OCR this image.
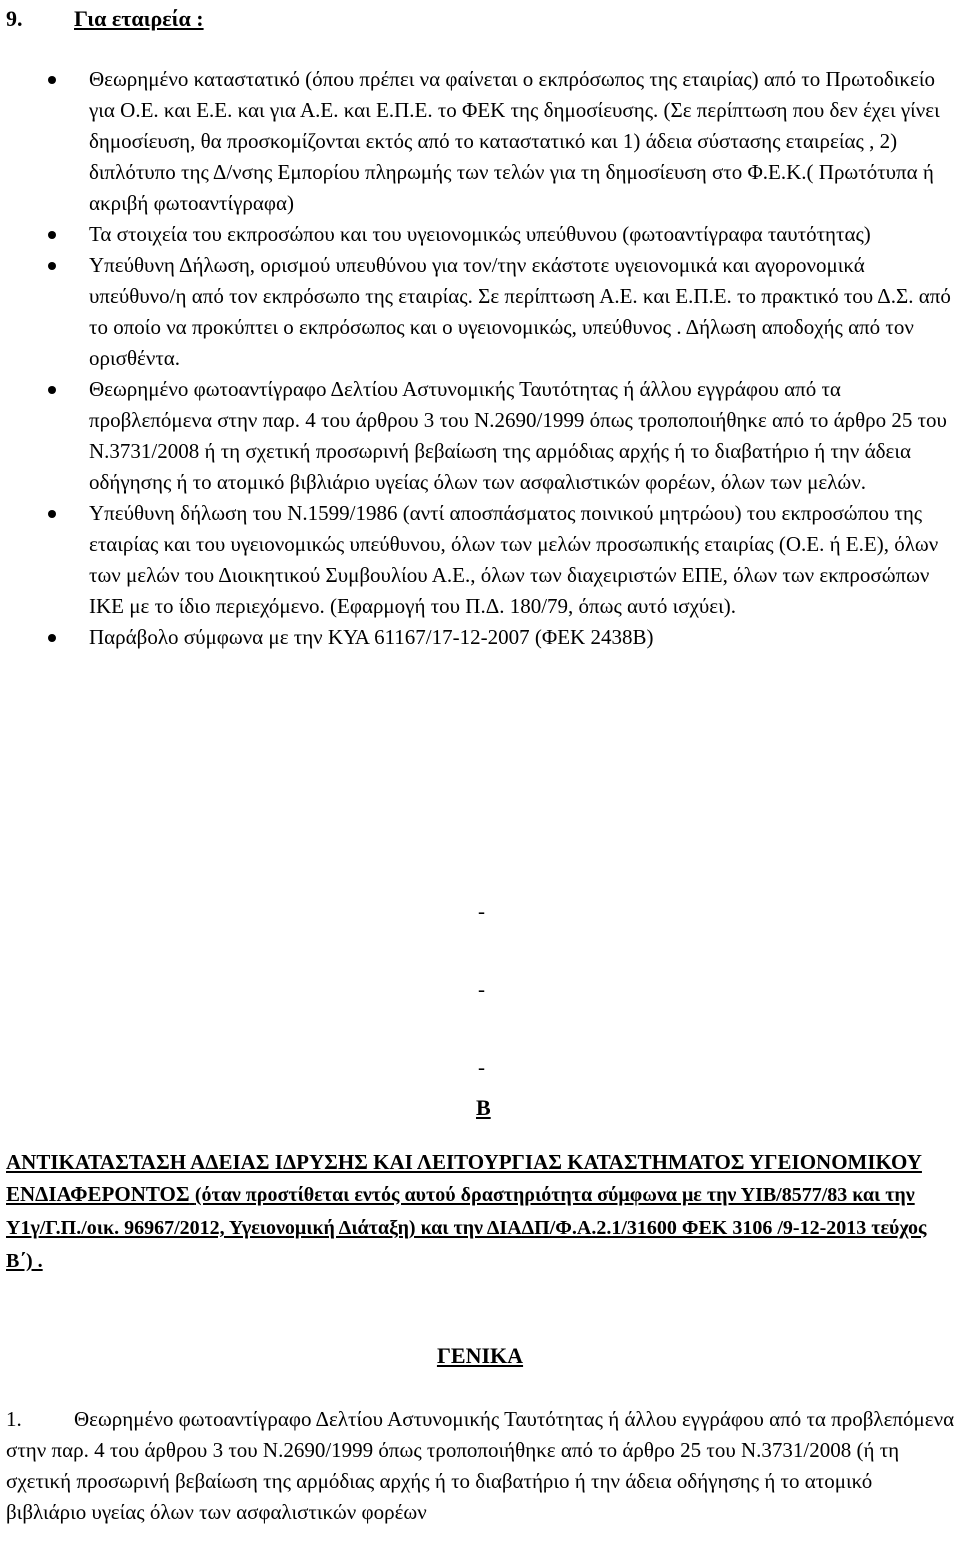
9. Για εταιρεία :
Θεωρημένο καταστατικό (όπου πρέπει να φαίνεται ο εκπρόσωπος της εταιρίας) από το Πρωτοδικείο για Ο.Ε. και Ε.Ε. και για Α.Ε. και Ε.Π.Ε. το ΦΕΚ της δημοσίευσης. (Σε περίπτωση που δεν έχει γίνει δημοσίευση, θα προσκομίζονται εκτός από το καταστατικό και 1) άδεια σύστασης εταιρείας , 2) διπλότυπο της Δ/νσης Εμπορίου πληρωμής των τελών για τη δημοσίευση στο Φ.Ε.Κ.( Πρωτότυπα ή ακριβή φωτοαντίγραφα)
Τα στοιχεία του εκπροσώπου και του υγειονομικώς υπεύθυνου (φωτοαντίγραφα ταυτότητας)
Υπεύθυνη Δήλωση, ορισμού υπευθύνου για τον/την εκάστοτε υγειονομικά και αγορονομικά υπεύθυνο/η από τον εκπρόσωπο της εταιρίας. Σε περίπτωση Α.Ε. και Ε.Π.Ε. το πρακτικό του Δ.Σ. από το οποίο να προκύπτει ο εκπρόσωπος και ο υγειονομικώς, υπεύθυνος . Δήλωση αποδοχής από τον ορισθέντα.
Θεωρημένο φωτοαντίγραφο Δελτίου Αστυνομικής Ταυτότητας ή άλλου εγγράφου από τα προβλεπόμενα στην παρ. 4 του άρθρου 3 του Ν.2690/1999 όπως τροποποιήθηκε από το άρθρο 25 του Ν.3731/2008 ή τη σχετική προσωρινή βεβαίωση της αρμόδιας αρχής ή το διαβατήριο ή την άδεια οδήγησης ή το ατομικό βιβλιάριο υγείας όλων των ασφαλιστικών φορέων, όλων των μελών.
Υπεύθυνη δήλωση του Ν.1599/1986 (αντί αποσπάσματος ποινικού μητρώου) του εκπροσώπου της εταιρίας και του υγειονομικώς υπεύθυνου, όλων των μελών προσωπικής εταιρίας (Ο.Ε. ή Ε.Ε), όλων των μελών του Διοικητικού Συμβουλίου Α.Ε., όλων των διαχειριστών ΕΠΕ, όλων των εκπροσώπων ΙΚΕ με το ίδιο περιεχόμενο. (Εφαρμογή του Π.Δ. 180/79, όπως αυτό ισχύει).
Παράβολο σύμφωνα με την ΚΥΑ 61167/17-12-2007 (ΦΕΚ 2438Β)
-
-
-
Β

ΑΝΤΙΚΑΤΑΣΤΑΣΗ ΑΔΕΙΑΣ ΙΔΡΥΣΗΣ ΚΑΙ ΛΕΙΤΟΥΡΓΙΑΣ ΚΑΤΑΣΤΗΜΑΤΟΣ ΥΓΕΙΟΝΟΜΙΚΟΥ ΕΝΔΙΑΦΕΡΟΝΤΟΣ (όταν προστίθεται εντός αυτού δραστηριότητα σύμφωνα με την ΥΙΒ/8577/83 και την Υ1γ/Γ.Π./οικ. 96967/2012, Υγειονομική Διάταξη) και την ΔΙΑΔΠ/Φ.Α.2.1/31600 ΦΕΚ 3106 /9-12-2013 τεύχος Β΄) .

ΓΕΝΙΚΑ

1. Θεωρημένο φωτοαντίγραφο Δελτίου Αστυνομικής Ταυτότητας ή άλλου εγγράφου από τα προβλεπόμενα στην παρ. 4 του άρθρου 3 του Ν.2690/1999 όπως τροποποιήθηκε από το άρθρο 25 του Ν.3731/2008 (ή τη σχετική προσωρινή βεβαίωση της αρμόδιας αρχής ή το διαβατήριο ή την άδεια οδήγησης ή το ατομικό βιβλιάριο υγείας όλων των ασφαλιστικών φορέων
